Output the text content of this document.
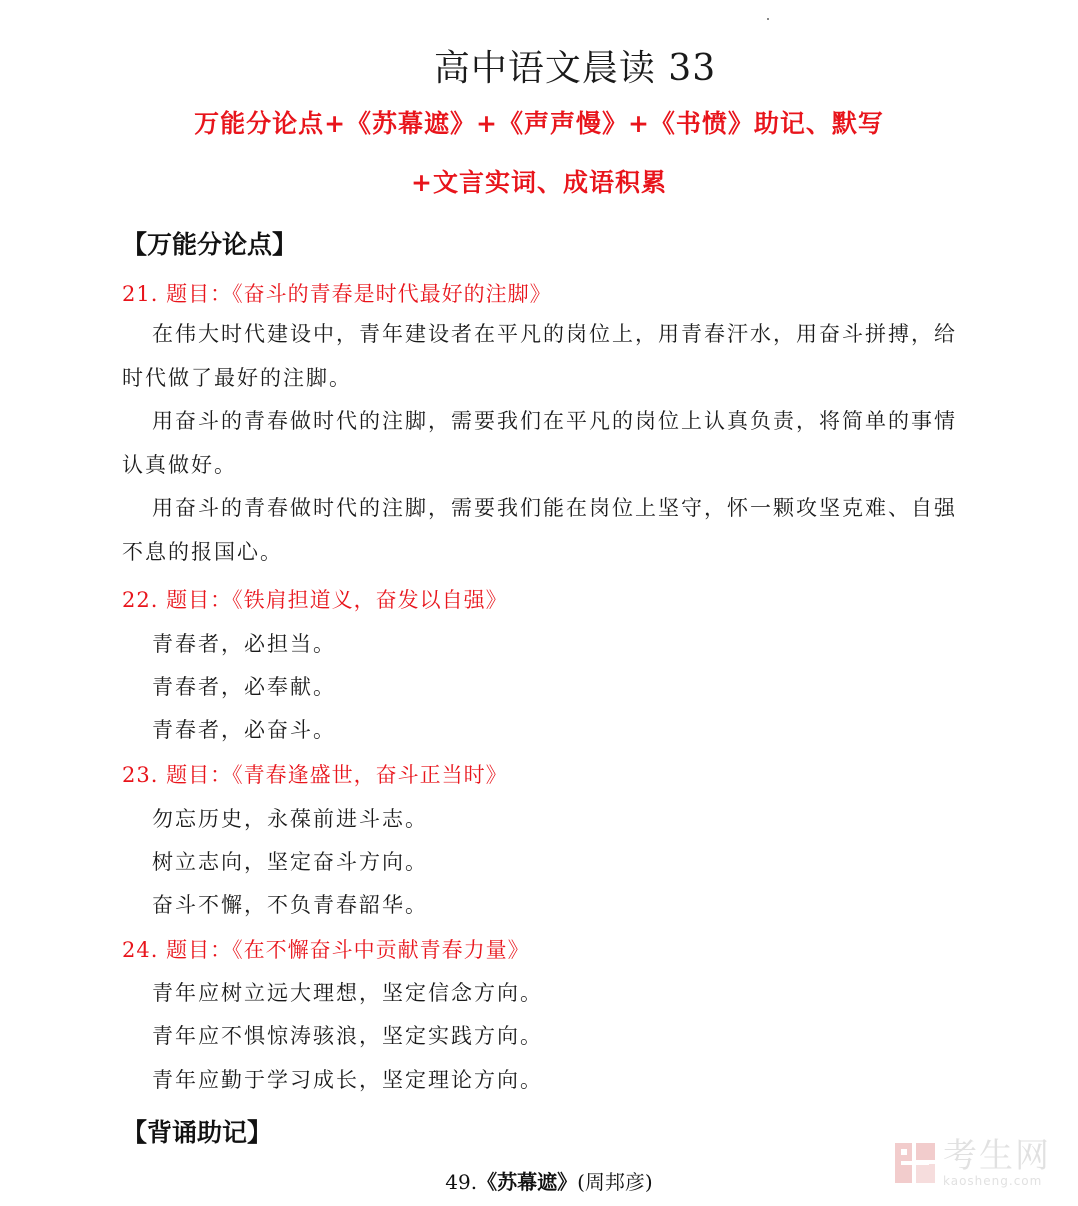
高中语文晨读 33
万能分论点+《苏幕遮》+《声声慢》+《书愤》助记、默写
+文言实词、成语积累
【万能分论点】
21. 题目：《奋斗的青春是时代最好的注脚》
在伟大时代建设中，青年建设者在平凡的岗位上，用青春汗水，用奋斗拼搏，给时代做了最好的注脚。
用奋斗的青春做时代的注脚，需要我们在平凡的岗位上认真负责，将简单的事情认真做好。
用奋斗的青春做时代的注脚，需要我们能在岗位上坚守，怀一颗攻坚克难、自强不息的报国心。
22. 题目：《铁肩担道义，奋发以自强》
青春者，必担当。
青春者，必奉献。
青春者，必奋斗。
23. 题目：《青春逢盛世，奋斗正当时》
勿忘历史，永葆前进斗志。
树立志向，坚定奋斗方向。
奋斗不懈，不负青春韶华。
24. 题目：《在不懈奋斗中贡献青春力量》
青年应树立远大理想，坚定信念方向。
青年应不惧惊涛骇浪，坚定实践方向。
青年应勤于学习成长，坚定理论方向。
【背诵助记】
49.《苏幕遮》(周邦彦)
考生网
kaosheng.com
